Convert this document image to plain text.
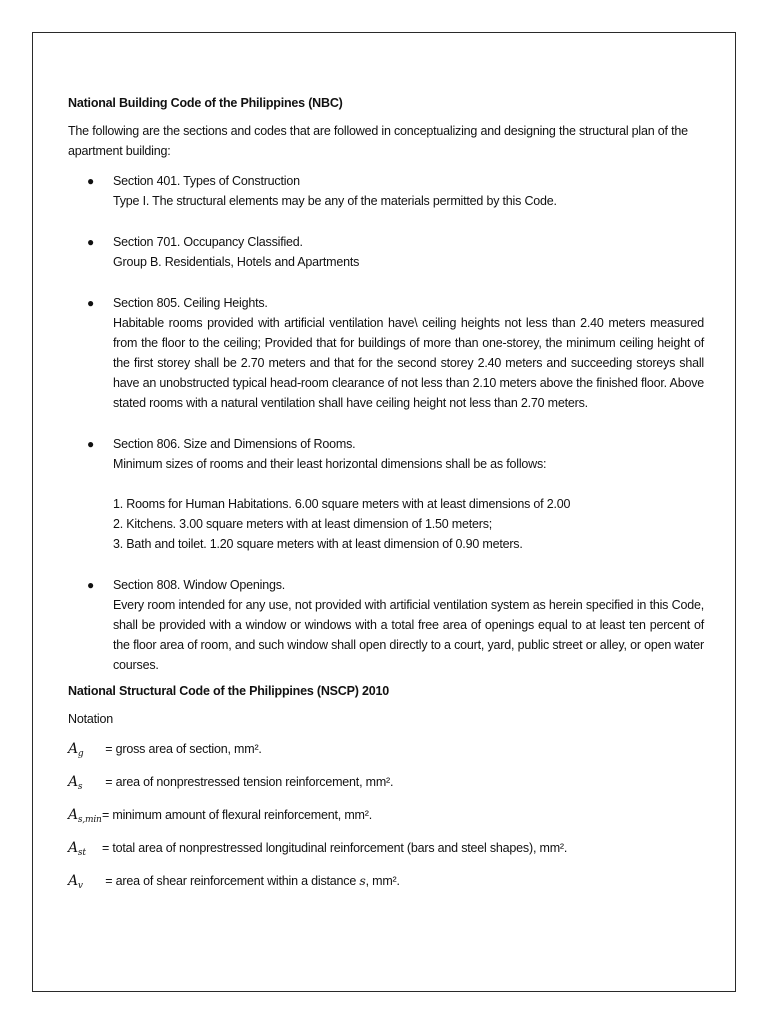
National Building Code of the Philippines (NBC)
The following are the sections and codes that are followed in conceptualizing and designing the structural plan of the apartment building:
● Section 401. Types of Construction
Type I. The structural elements may be any of the materials permitted by this Code.
● Section 701. Occupancy Classified.
Group B. Residentials, Hotels and Apartments
● Section 805. Ceiling Heights.
Habitable rooms provided with artificial ventilation have\ ceiling heights not less than 2.40 meters measured from the floor to the ceiling; Provided that for buildings of more than one-storey, the minimum ceiling height of the first storey shall be 2.70 meters and that for the second storey 2.40 meters and succeeding storeys shall have an unobstructed typical head-room clearance of not less than 2.10 meters above the finished floor. Above stated rooms with a natural ventilation shall have ceiling height not less than 2.70 meters.
● Section 806. Size and Dimensions of Rooms.
Minimum sizes of rooms and their least horizontal dimensions shall be as follows:
1. Rooms for Human Habitations. 6.00 square meters with at least dimensions of 2.00
2. Kitchens. 3.00 square meters with at least dimension of 1.50 meters;
3. Bath and toilet. 1.20 square meters with at least dimension of 0.90 meters.
● Section 808. Window Openings.
Every room intended for any use, not provided with artificial ventilation system as herein specified in this Code, shall be provided with a window or windows with a total free area of openings equal to at least ten percent of the floor area of room, and such window shall open directly to a court, yard, public street or alley, or open water courses.
National Structural Code of the Philippines (NSCP) 2010
Notation
$A_g$ = gross area of section, mm².
$A_s$ = area of nonprestressed tension reinforcement, mm².
$A_{s,min}=$ minimum amount of flexural reinforcement, mm².
$A_{st}$ = total area of nonprestressed longitudinal reinforcement (bars and steel shapes), mm².
$A_v$ = area of shear reinforcement within a distance s, mm².
